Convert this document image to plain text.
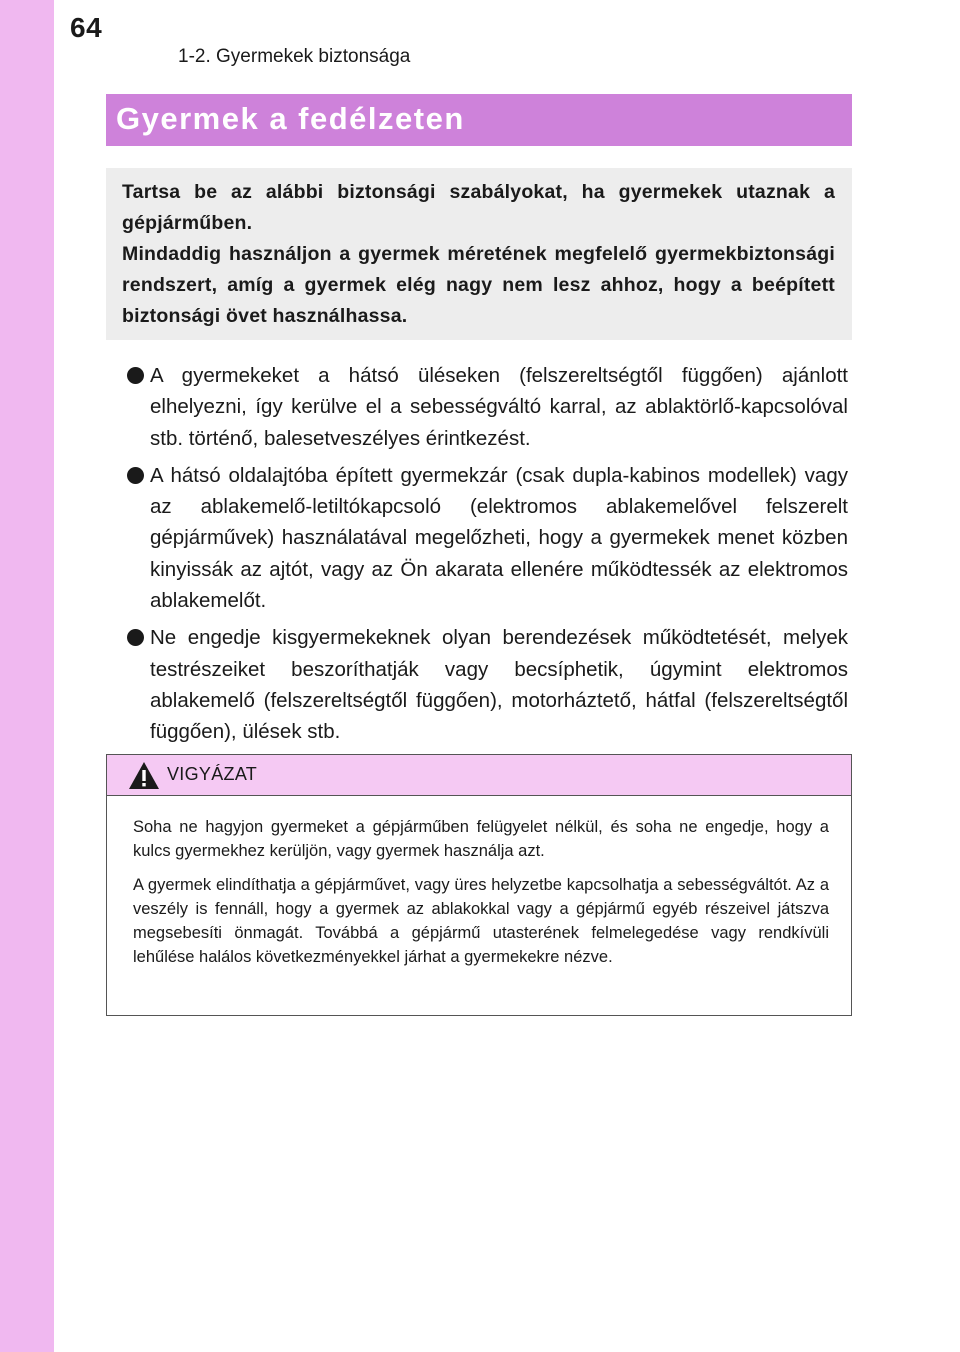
64
1-2. Gyermekek biztonsága
Gyermek a fedélzeten

Tartsa be az alábbi biztonsági szabályokat, ha gyermekek utaznak a gépjárműben.

Mindaddig használjon a gyermek méretének megfelelő gyermekbiztonsági rendszert, amíg a gyermek elég nagy nem lesz ahhoz, hogy a beépített biztonsági övet használhassa.

A gyermekeket a hátsó üléseken (felszereltségtől függően) ajánlott elhelyezni, így kerülve el a sebességváltó karral, az ablaktörlő-kapcsolóval stb. történő, balesetveszélyes érintkezést.
A hátsó oldalajtóba épített gyermekzár (csak dupla-kabinos modellek) vagy az ablakemelő-letiltókapcsoló (elektromos ablakemelővel felszerelt gépjárművek) használatával megelőzheti, hogy a gyermekek menet közben kinyissák az ajtót, vagy az Ön akarata ellenére működtessék az elektromos ablakemelőt.
Ne engedje kisgyermekeknek olyan berendezések működtetését, melyek testrészeiket beszoríthatják vagy becsíphetik, úgymint elektromos ablakemelő (felszereltségtől függően), motorháztető, hátfal (felszereltségtől függően), ülések stb.
VIGYÁZAT

Soha ne hagyjon gyermeket a gépjárműben felügyelet nélkül, és soha ne engedje, hogy a kulcs gyermekhez kerüljön, vagy gyermek használja azt.

A gyermek elindíthatja a gépjárművet, vagy üres helyzetbe kapcsolhatja a sebességváltót. Az a veszély is fennáll, hogy a gyermek az ablakokkal vagy a gépjármű egyéb részeivel játszva megsebesíti önmagát. Továbbá a gépjármű utasterének felmelegedése vagy rendkívüli lehűlése halálos következményekkel járhat a gyermekekre nézve.
